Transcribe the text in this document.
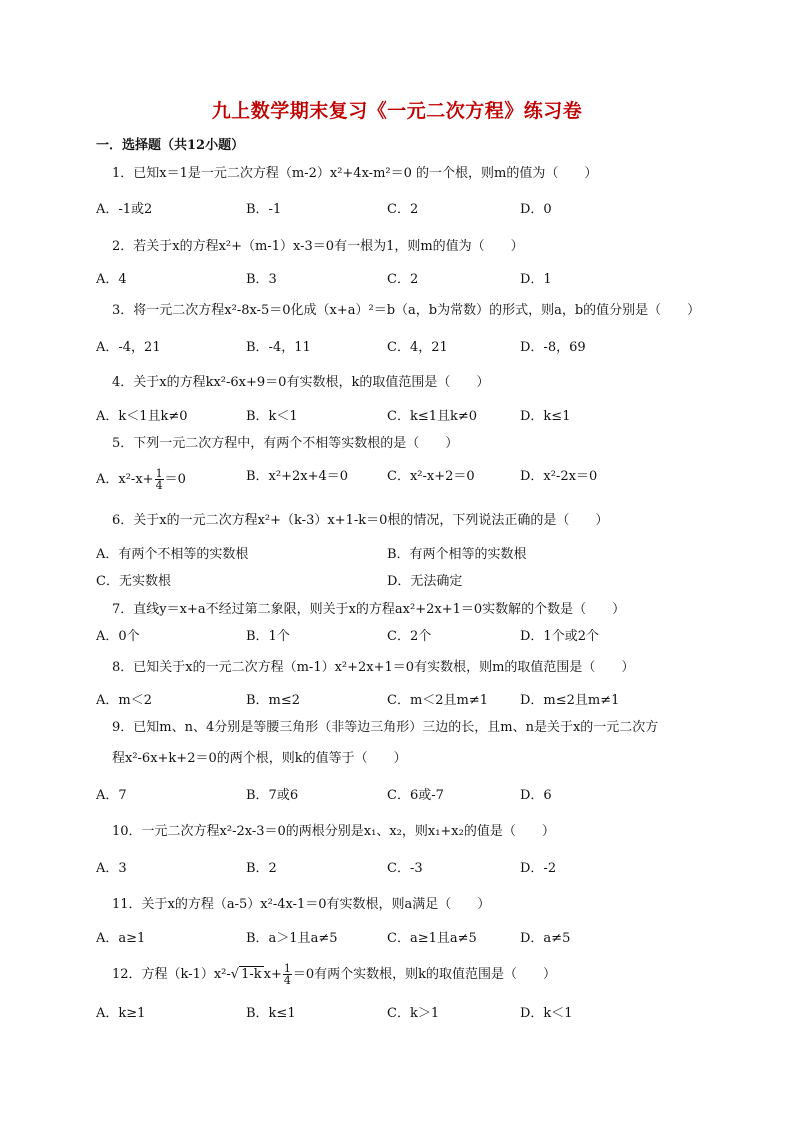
九上数学期末复习《一元二次方程》练习卷
一．选择题（共12小题）
1．已知x＝1是一元二次方程（m-2）x²+4x-m²＝0 的一个根，则m的值为（　　）
A．-1或2	B．-1	C．2	D．0
2．若关于x的方程x²+（m-1）x-3＝0有一根为1，则m的值为（　　）
A．4	B．3	C．2	D．1
3．将一元二次方程x²-8x-5＝0化成（x+a）²＝b（a，b为常数）的形式，则a，b的值分别是（　　）
A．-4，21	B．-4，11	C．4，21	D．-8，69
4．关于x的方程kx²-6x+9＝0有实数根，k的取值范围是（　　）
A．k＜1且k≠0	B．k＜1	C．k≤1且k≠0	D．k≤1
5．下列一元二次方程中，有两个不相等实数根的是（　　）
A．$x^2-x+ \frac{1}{4} =0$	B．x²+2x+4＝0	C．x²-x+2＝0	D．x²-2x＝0
6．关于x的一元二次方程x²+（k-3）x+1-k＝0根的情况，下列说法正确的是（　　）
A．有两个不相等的实数根	B．有两个相等的实数根
C．无实数根	D．无法确定
7．直线y＝x+a不经过第二象限，则关于x的方程ax²+2x+1＝0实数解的个数是（　　）
A．0个	B．1个	C．2个	D．1个或2个
8．已知关于x的一元二次方程（m-1）x²+2x+1＝0有实数根，则m的取值范围是（　　）
A．m＜2	B．m≤2	C．m＜2且m≠1 D．m≤2且m≠1
9．已知m、n、4分别是等腰三角形（非等边三角形）三边的长，且m、n是关于x的一元二次方
程x²-6x+k+2＝0的两个根，则k的值等于（　　）
A．7	B．7或6	C．6或-7	D．6
10．一元二次方程x²-2x-3＝0的两根分别是x₁、x₂，则x₁+x₂的值是（　　）
A．3	B．2	C．-3	D．-2
11．关于x的方程（a-5）x²-4x-1＝0有实数根，则a满足（　　）
A．a≥1	B．a＞1且a≠5	C．a≥1且a≠5	D．a≠5
12．方程（k-1）x²-√ 1-k $x+ \frac{1}{4} =0$有两个实数根，则k的取值范围是（　　）
A．k≥1	B．k≤1	C．k＞1	D．k＜1
